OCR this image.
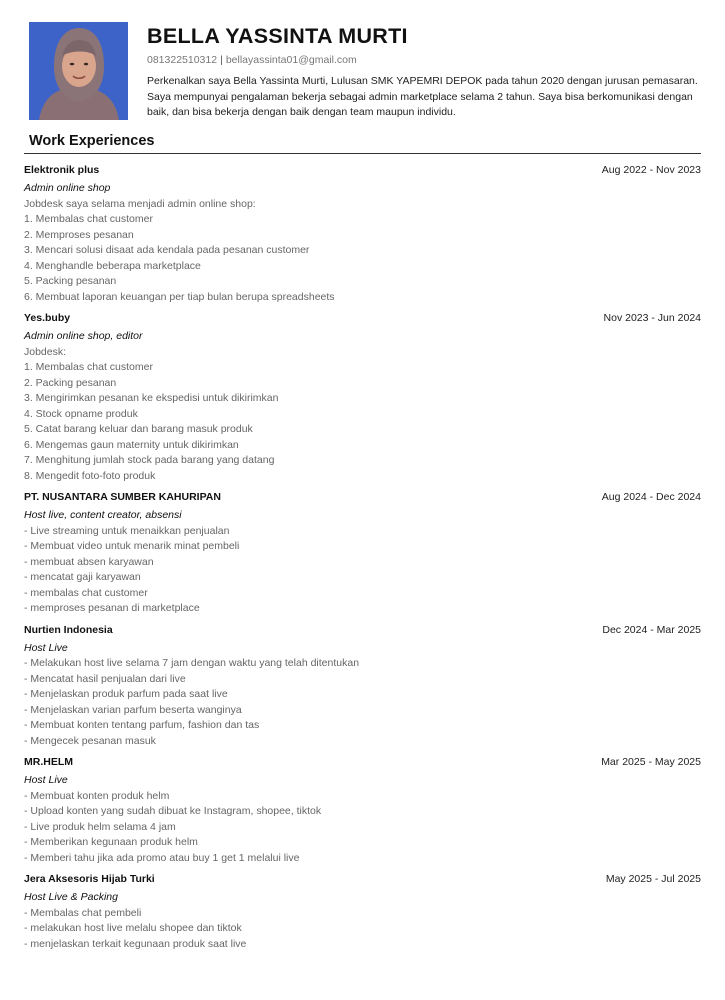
BELLA YASSINTA MURTI
081322510312 | bellayassinta01@gmail.com
Perkenalkan saya Bella Yassinta Murti, Lulusan SMK YAPEMRI DEPOK pada tahun 2020 dengan jurusan pemasaran. Saya mempunyai pengalaman bekerja sebagai admin marketplace selama 2 tahun. Saya bisa berkomunikasi dengan baik, dan bisa bekerja dengan baik dengan team maupun individu.
Work Experiences
Elektronik plus	Aug 2022 - Nov 2023
Admin online shop
Jobdesk saya selama menjadi admin online shop:
1. Membalas chat customer
2. Memproses pesanan
3. Mencari solusi disaat ada kendala pada pesanan customer
4. Menghandle beberapa marketplace
5. Packing pesanan
6. Membuat laporan keuangan per tiap bulan berupa spreadsheets
Yes.buby	Nov 2023 - Jun 2024
Admin online shop, editor
Jobdesk:
1. Membalas chat customer
2. Packing pesanan
3. Mengirimkan pesanan ke ekspedisi untuk dikirimkan
4. Stock opname produk
5. Catat barang keluar dan barang masuk produk
6. Mengemas gaun maternity untuk dikirimkan
7. Menghitung jumlah stock pada barang yang datang
8. Mengedit foto-foto produk
PT. NUSANTARA SUMBER KAHURIPAN	Aug 2024 - Dec 2024
Host live, content creator, absensi
- Live streaming untuk menaikkan penjualan
- Membuat video untuk menarik minat pembeli
- membuat absen karyawan
- mencatat gaji karyawan
- membalas chat customer
- memproses pesanan di marketplace
Nurtien Indonesia	Dec 2024 - Mar 2025
Host Live
- Melakukan host live selama 7 jam dengan waktu yang telah ditentukan
- Mencatat hasil penjualan dari live
- Menjelaskan produk parfum pada saat live
- Menjelaskan varian parfum beserta wanginya
- Membuat konten tentang parfum, fashion dan tas
- Mengecek pesanan masuk
MR.HELM	Mar 2025 - May 2025
Host Live
- Membuat konten produk helm
- Upload konten yang sudah dibuat ke Instagram, shopee, tiktok
- Live produk helm selama 4 jam
- Memberikan kegunaan produk helm
- Memberi tahu jika ada promo atau buy 1 get 1 melalui live
Jera Aksesoris Hijab Turki	May 2025 - Jul 2025
Host Live & Packing
- Membalas chat pembeli
- melakukan host live melalu shopee dan tiktok
- menjelaskan terkait kegunaan produk saat live
